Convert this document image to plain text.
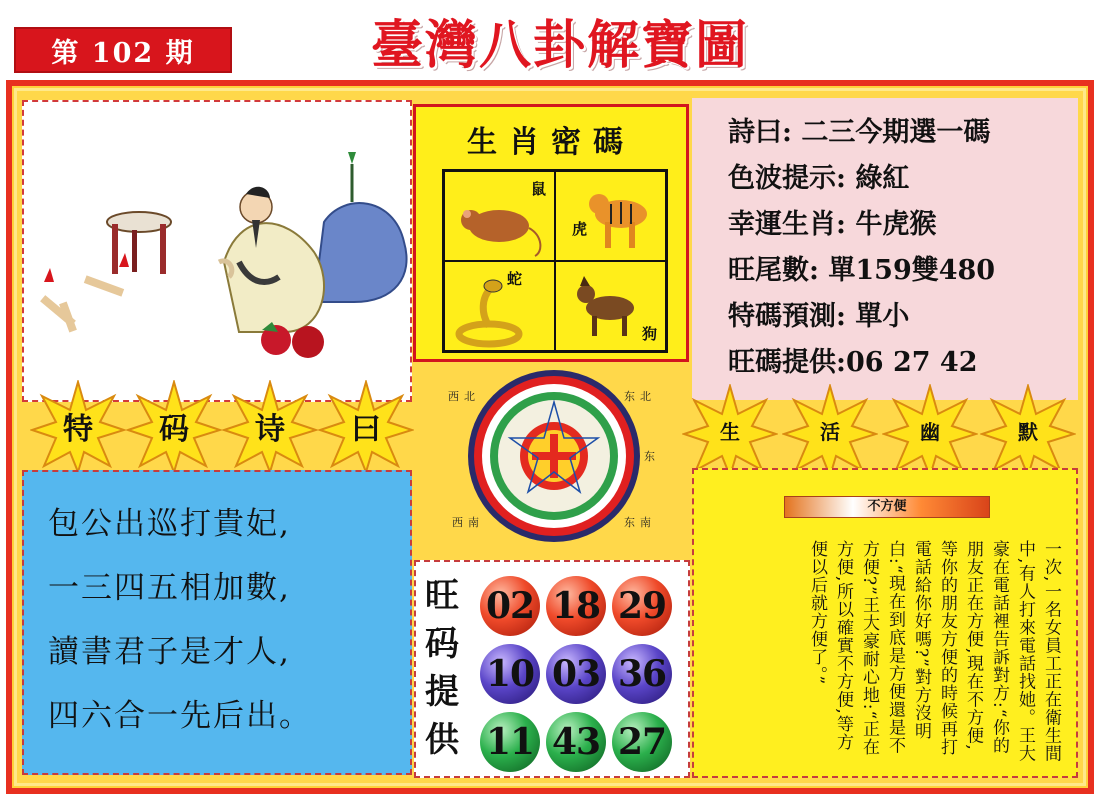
第 102 期	臺灣八卦解寶圖
生肖密碼
鼠
虎
蛇
狗
詩曰: 二三今期選一碼
色波提示: 綠紅
幸運生肖: 牛虎猴
旺尾數: 單159雙480
特碼預測: 單小
旺碼提供:06 27 42
特	码	诗	曰	生	活	幽	默
西 北	东 北
东
西 南	东 南
包公出巡打貴妃,
一三四五相加數,
讀書君子是才人,
四六合一先后出。
旺
码
提
供
02 18 29
10 03 36
11 43 27
不方便
一次,一名女員工正在衛生間中,有人打來電話找她。王大豪在電話裡告訴對方:“你的朋友正在方便,現在不方便,等你的朋友方便的時候再打電話給你好嗎?”對方沒明白:“現在到底是方便還是不方便?”王大豪耐心地:“正在方便,所以確實不方便,等方便以后就方便了。”
